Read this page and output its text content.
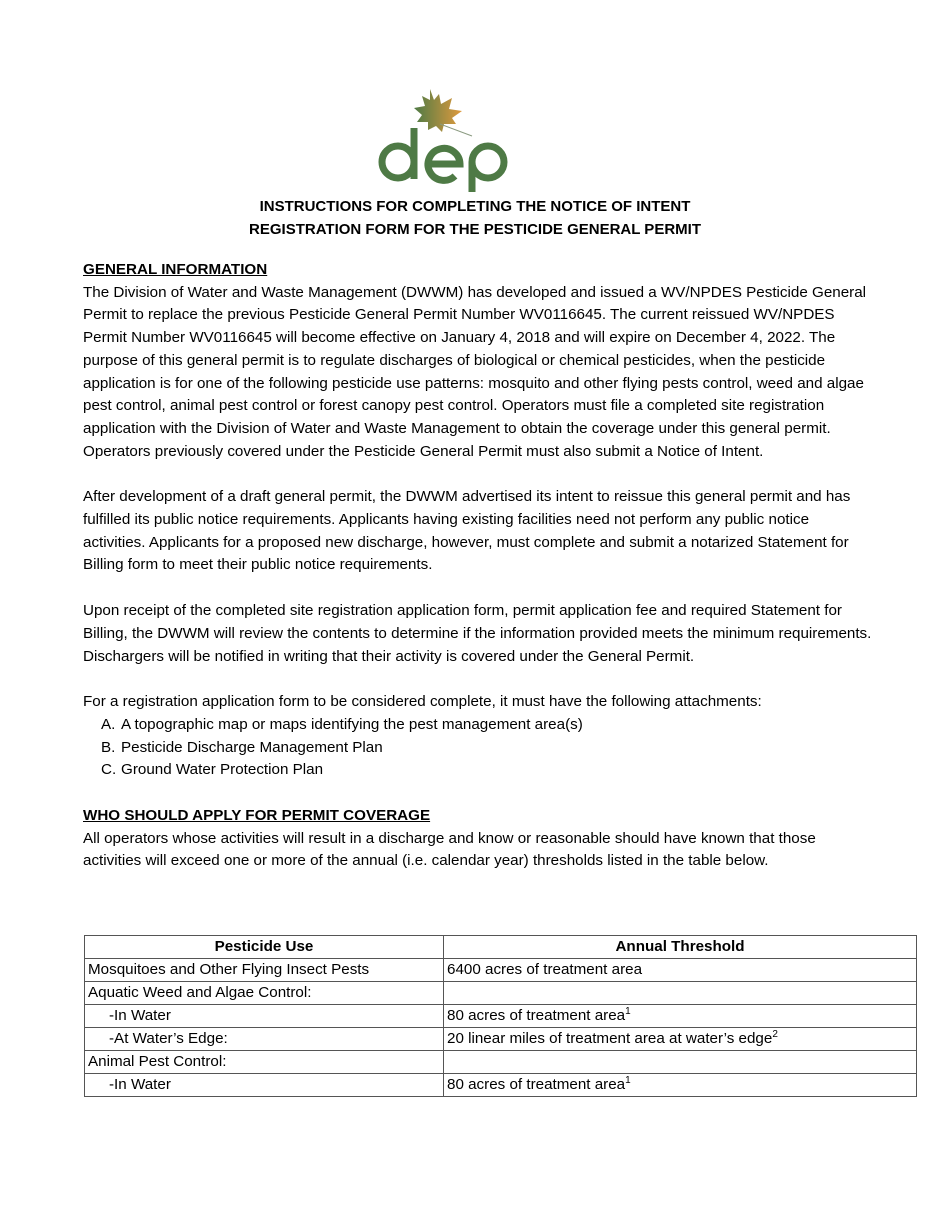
INSTRUCTIONS FOR COMPLETING THE NOTICE OF INTENT
REGISTRATION FORM FOR THE PESTICIDE GENERAL PERMIT
GENERAL INFORMATION

The Division of Water and Waste Management (DWWM) has developed and issued a WV/NPDES Pesticide General Permit to replace the previous Pesticide General Permit Number WV0116645. The current reissued WV/NPDES Permit Number WV0116645 will become effective on January 4, 2018 and will expire on December 4, 2022. The purpose of this general permit is to regulate discharges of biological or chemical pesticides, when the pesticide application is for one of the following pesticide use patterns: mosquito and other flying pests control, weed and algae pest control, animal pest control or forest canopy pest control. Operators must file a completed site registration application with the Division of Water and Waste Management to obtain the coverage under this general permit. Operators previously covered under the Pesticide General Permit must also submit a Notice of Intent.

After development of a draft general permit, the DWWM advertised its intent to reissue this general permit and has fulfilled its public notice requirements. Applicants having existing facilities need not perform any public notice activities. Applicants for a proposed new discharge, however, must complete and submit a notarized Statement for Billing form to meet their public notice requirements.

Upon receipt of the completed site registration application form, permit application fee and required Statement for Billing, the DWWM will review the contents to determine if the information provided meets the minimum requirements. Dischargers will be notified in writing that their activity is covered under the General Permit.

For a registration application form to be considered complete, it must have the following attachments:

A. A topographic map or maps identifying the pest management area(s)
B. Pesticide Discharge Management Plan
C. Ground Water Protection Plan
WHO SHOULD APPLY FOR PERMIT COVERAGE

All operators whose activities will result in a discharge and know or reasonable should have known that those activities will exceed one or more of the annual (i.e. calendar year) thresholds listed in the table below.

Pesticide Use	Annual Threshold
Mosquitoes and Other Flying Insect Pests	6400 acres of treatment area
Aquatic Weed and Algae Control:	
-In Water	80 acres of treatment area$^1$
-At Water’s Edge:	20 linear miles of treatment area at water’s edge$^2$
Animal Pest Control:	
-In Water	80 acres of treatment area$^1$
